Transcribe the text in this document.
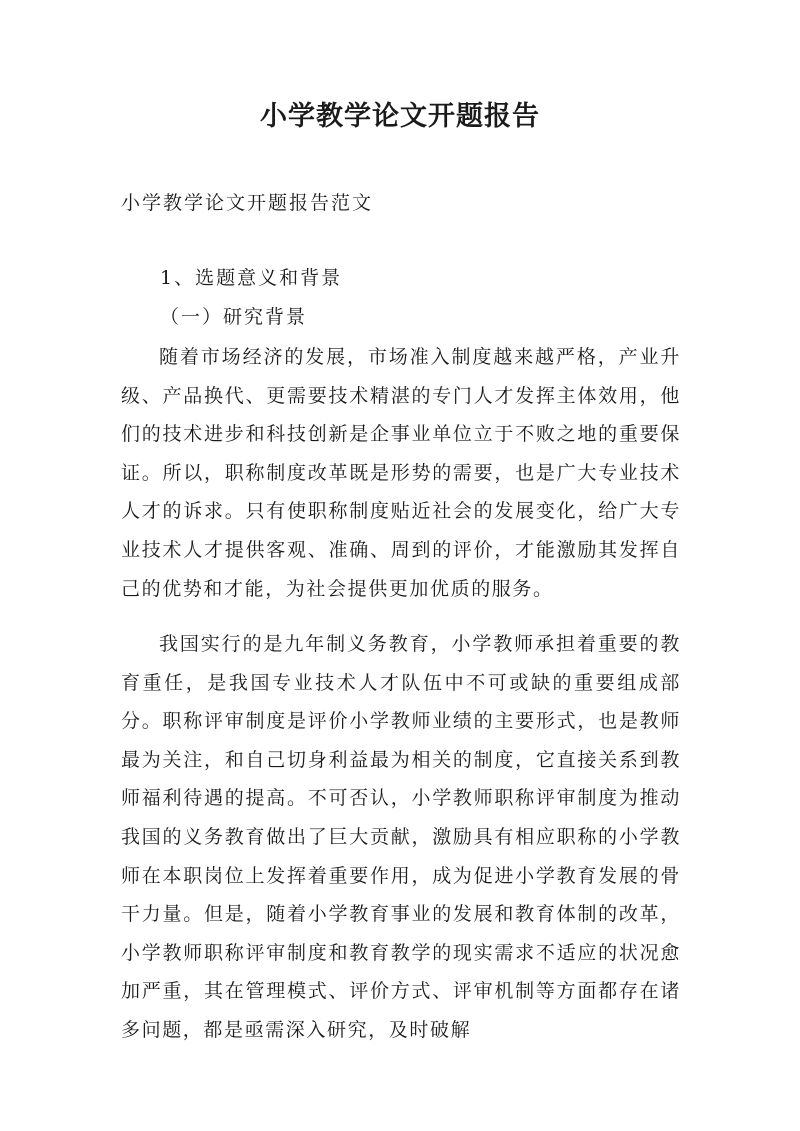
小学教学论文开题报告
小学教学论文开题报告范文
1、选题意义和背景
（一）研究背景

随着市场经济的发展，市场准入制度越来越严格，产业升级、产品换代、更需要技术精湛的专门人才发挥主体效用，他们的技术进步和科技创新是企事业单位立于不败之地的重要保证。所以，职称制度改革既是形势的需要，也是广大专业技术人才的诉求。只有使职称制度贴近社会的发展变化，给广大专业技术人才提供客观、准确、周到的评价，才能激励其发挥自己的优势和才能，为社会提供更加优质的服务。

我国实行的是九年制义务教育，小学教师承担着重要的教育重任，是我国专业技术人才队伍中不可或缺的重要组成部分。职称评审制度是评价小学教师业绩的主要形式，也是教师最为关注，和自己切身利益最为相关的制度，它直接关系到教师福利待遇的提高。不可否认，小学教师职称评审制度为推动我国的义务教育做出了巨大贡献，激励具有相应职称的小学教师在本职岗位上发挥着重要作用，成为促进小学教育发展的骨干力量。但是，随着小学教育事业的发展和教育体制的改革，小学教师职称评审制度和教育教学的现实需求不适应的状况愈加严重，其在管理模式、评价方式、评审机制等方面都存在诸多问题，都是亟需深入研究，及时破解
